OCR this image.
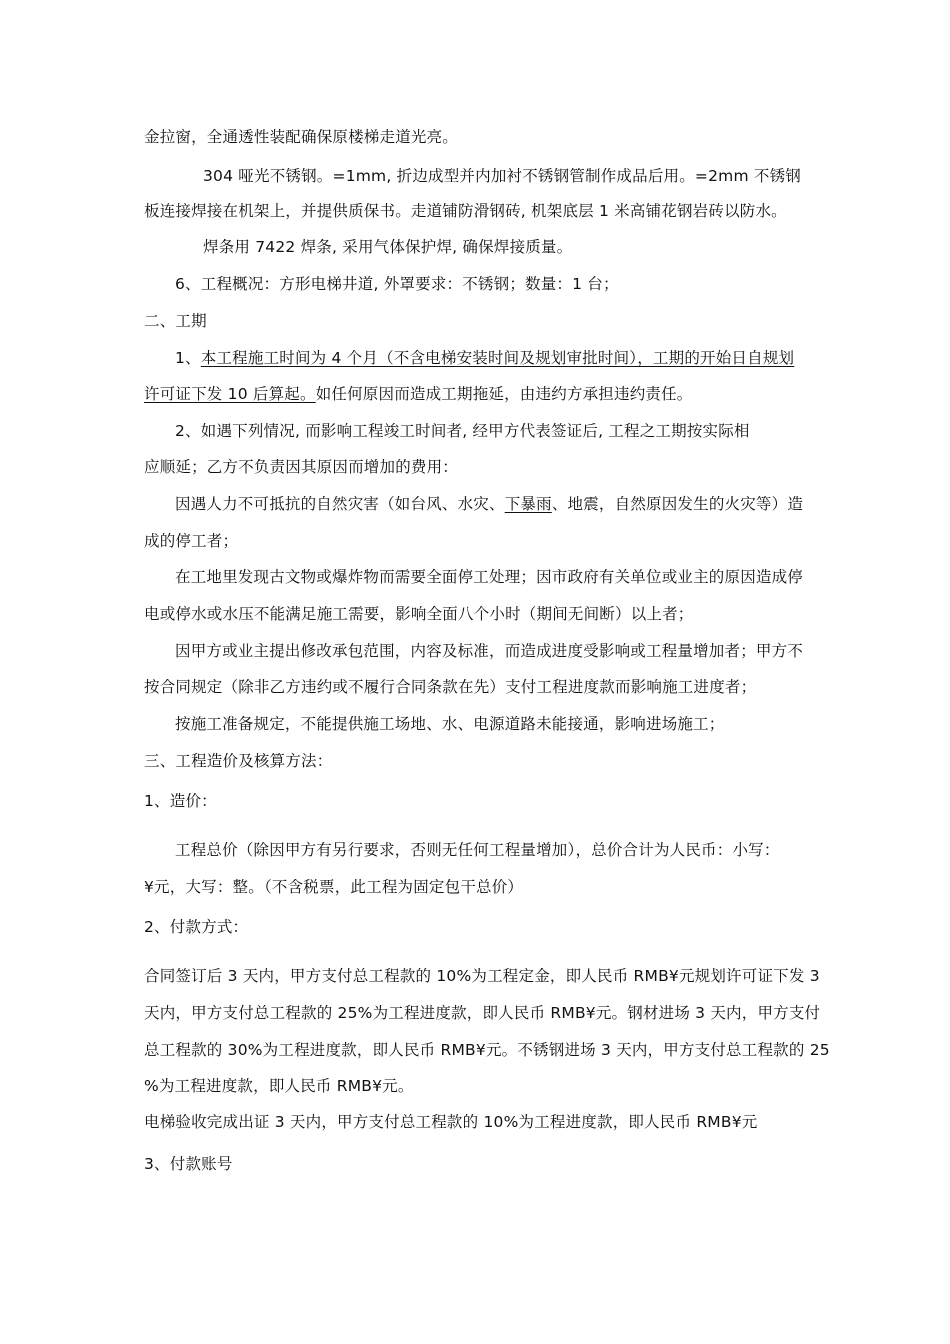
金拉窗，全通透性装配确保原楼梯走道光亮。
304 哑光不锈钢。=1mm, 折边成型并内加衬不锈钢管制作成品后用。=2mm 不锈钢
板连接焊接在机架上，并提供质保书。走道铺防滑钢砖, 机架底层 1 米高铺花钢岩砖以防水。
焊条用 7422 焊条, 采用气体保护焊, 确保焊接质量。
6、工程概况：方形电梯井道, 外罩要求：不锈钢；数量：1 台；
二、工期
1、本工程施工时间为 4 个月（不含电梯安装时间及规划审批时间），工期的开始日自规划
许可证下发 10 后算起。如任何原因而造成工期拖延，由违约方承担违约责任。
2、如遇下列情况, 而影响工程竣工时间者, 经甲方代表签证后, 工程之工期按实际相
应顺延；乙方不负责因其原因而增加的费用：
因遇人力不可抵抗的自然灾害（如台风、水灾、下暴雨、地震，自然原因发生的火灾等）造
成的停工者；
在工地里发现古文物或爆炸物而需要全面停工处理；因市政府有关单位或业主的原因造成停
电或停水或水压不能满足施工需要，影响全面八个小时（期间无间断）以上者；
因甲方或业主提出修改承包范围，内容及标准，而造成进度受影响或工程量增加者；甲方不
按合同规定（除非乙方违约或不履行合同条款在先）支付工程进度款而影响施工进度者；
按施工准备规定，不能提供施工场地、水、电源道路未能接通，影响进场施工；
三、工程造价及核算方法：
1、造价：
工程总价（除因甲方有另行要求，否则无任何工程量增加），总价合计为人民币：小写：
¥元，大写：整。（不含税票，此工程为固定包干总价）
2、付款方式：
合同签订后 3 天内，甲方支付总工程款的 10%为工程定金，即人民币 RMB¥元规划许可证下发 3
天内，甲方支付总工程款的 25%为工程进度款，即人民币 RMB¥元。钢材进场 3 天内，甲方支付
总工程款的 30%为工程进度款，即人民币 RMB¥元。不锈钢进场 3 天内，甲方支付总工程款的 25
%为工程进度款，即人民币 RMB¥元。
电梯验收完成出证 3 天内，甲方支付总工程款的 10%为工程进度款，即人民币 RMB¥元
3、付款账号
